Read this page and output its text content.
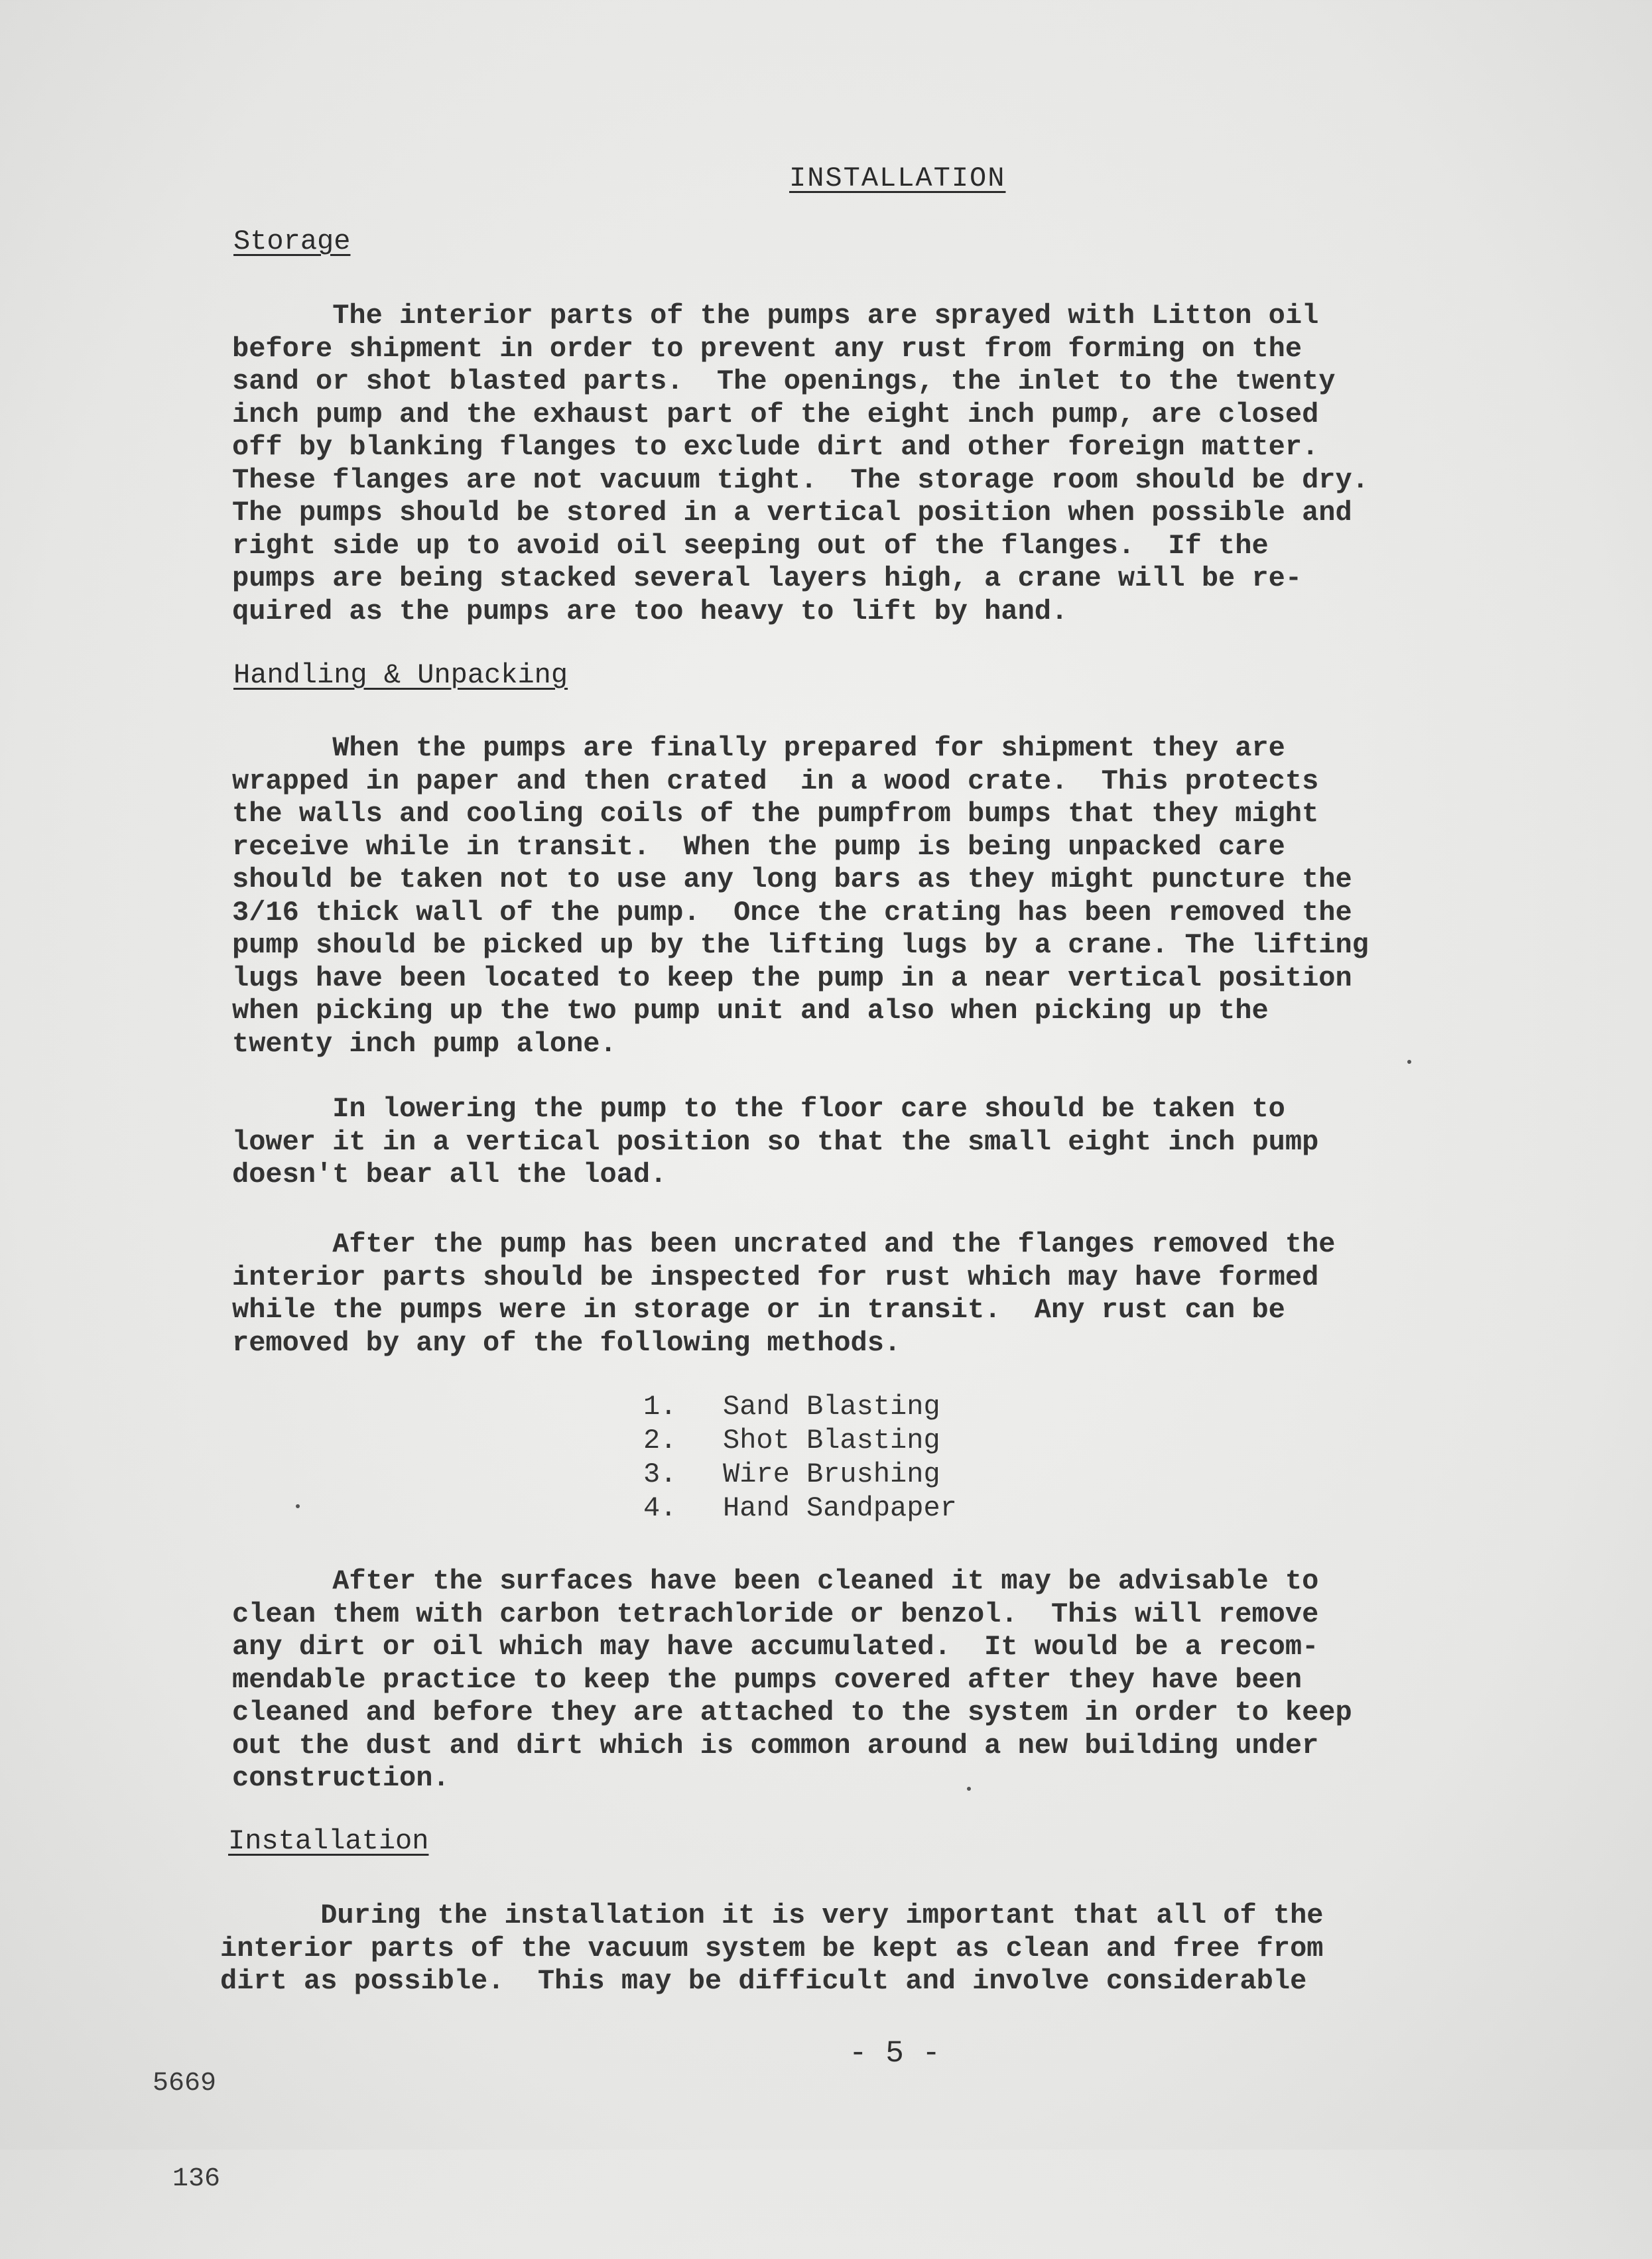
INSTALLATION
Storage

The interior parts of the pumps are sprayed with Litton oil
before shipment in order to prevent any rust from forming on the
sand or shot blasted parts.  The openings, the inlet to the twenty
inch pump and the exhaust part of the eight inch pump, are closed
off by blanking flanges to exclude dirt and other foreign matter.
These flanges are not vacuum tight.  The storage room should be dry.
The pumps should be stored in a vertical position when possible and
right side up to avoid oil seeping out of the flanges.  If the
pumps are being stacked several layers high, a crane will be re-
quired as the pumps are too heavy to lift by hand.

Handling & Unpacking

When the pumps are finally prepared for shipment they are
wrapped in paper and then crated  in a wood crate.  This protects
the walls and cooling coils of the pumpfrom bumps that they might
receive while in transit.  When the pump is being unpacked care
should be taken not to use any long bars as they might puncture the
3/16 thick wall of the pump.  Once the crating has been removed the
pump should be picked up by the lifting lugs by a crane. The lifting
lugs have been located to keep the pump in a near vertical position
when picking up the two pump unit and also when picking up the
twenty inch pump alone.

In lowering the pump to the floor care should be taken to
lower it in a vertical position so that the small eight inch pump
doesn't bear all the load.

After the pump has been uncrated and the flanges removed the
interior parts should be inspected for rust which may have formed
while the pumps were in storage or in transit.  Any rust can be
removed by any of the following methods.

1. Sand Blasting
2. Shot Blasting
3. Wire Brushing
4. Hand Sandpaper

After the surfaces have been cleaned it may be advisable to
clean them with carbon tetrachloride or benzol.  This will remove
any dirt or oil which may have accumulated.  It would be a recom-
mendable practice to keep the pumps covered after they have been
cleaned and before they are attached to the system in order to keep
out the dust and dirt which is common around a new building under
construction.

Installation

During the installation it is very important that all of the
interior parts of the vacuum system be kept as clean and free from
dirt as possible.  This may be difficult and involve considerable

5669

136

- 5 -
